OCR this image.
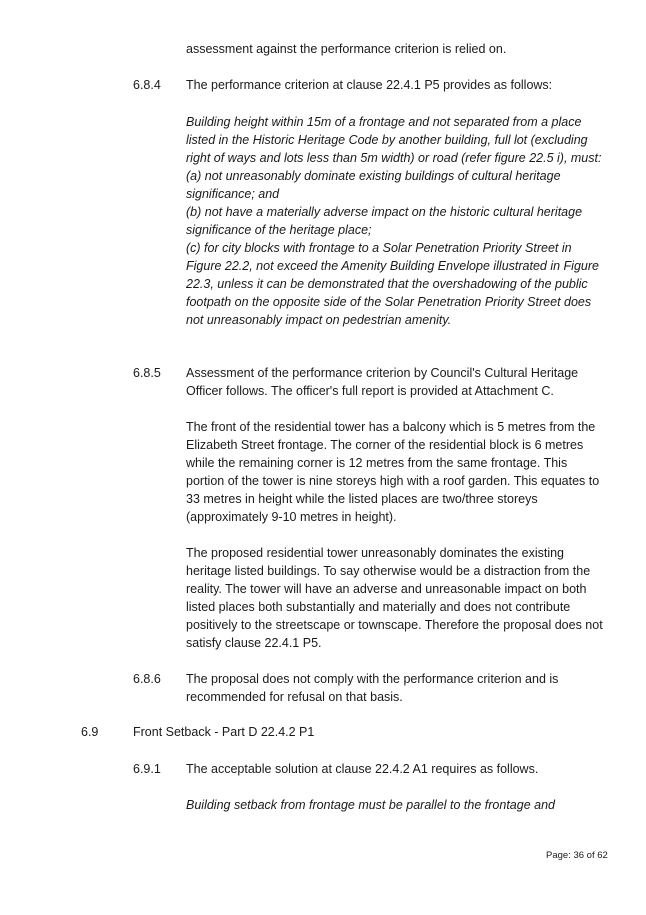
assessment against the performance criterion is relied on.

6.8.4 The performance criterion at clause 22.4.1 P5 provides as follows:

Building height within 15m of a frontage and not separated from a place listed in the Historic Heritage Code by another building, full lot (excluding right of ways and lots less than 5m width) or road (refer figure 22.5 i), must:

(a) not unreasonably dominate existing buildings of cultural heritage significance; and

(b) not have a materially adverse impact on the historic cultural heritage significance of the heritage place;

(c) for city blocks with frontage to a Solar Penetration Priority Street in Figure 22.2, not exceed the Amenity Building Envelope illustrated in Figure 22.3, unless it can be demonstrated that the overshadowing of the public footpath on the opposite side of the Solar Penetration Priority Street does not unreasonably impact on pedestrian amenity.

6.8.5 Assessment of the performance criterion by Council's Cultural Heritage Officer follows. The officer's full report is provided at Attachment C.

The front of the residential tower has a balcony which is 5 metres from the Elizabeth Street frontage. The corner of the residential block is 6 metres while the remaining corner is 12 metres from the same frontage. This portion of the tower is nine storeys high with a roof garden. This equates to 33 metres in height while the listed places are two/three storeys (approximately 9-10 metres in height).

The proposed residential tower unreasonably dominates the existing heritage listed buildings. To say otherwise would be a distraction from the reality. The tower will have an adverse and unreasonable impact on both listed places both substantially and materially and does not contribute positively to the streetscape or townscape. Therefore the proposal does not satisfy clause 22.4.1 P5.

6.8.6 The proposal does not comply with the performance criterion and is recommended for refusal on that basis.

6.9	Front Setback - Part D 22.4.2 P1

6.9.1 The acceptable solution at clause 22.4.2 A1 requires as follows.

Building setback from frontage must be parallel to the frontage and

Page: 36 of 62
